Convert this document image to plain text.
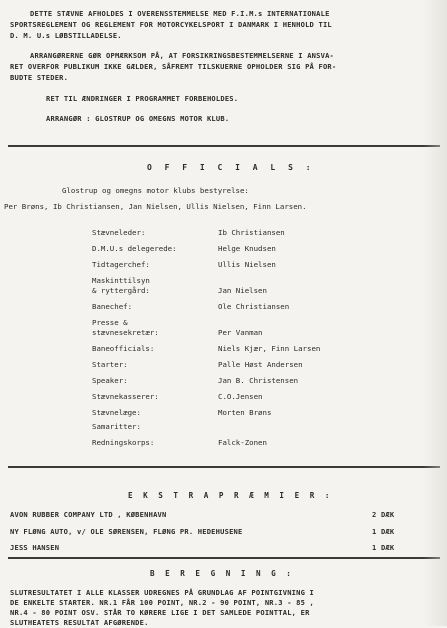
DETTE STÆVNE AFHOLDES I OVERENSSTEMMELSE MED F.I.M.s INTERNATIONALE
SPORTSREGLEMENT OG REGLEMENT FOR MOTORCYKELSPORT I DANMARK I HENHOLD TIL
D. M. U.s LØBSTILLADELSE.
ARRANGØRERNE GØR OPMÆRKSOM PÅ, AT FORSIKRINGSBESTEMMELSERNE I ANSVA-
RET OVERFOR PUBLIKUM IKKE GÆLDER, SÅFREMT TILSKUERNE OPHOLDER SIG PÅ FOR-
BUDTE STEDER.
RET TIL ÆNDRINGER I PROGRAMMET FORBEHOLDES.
ARRANGØR : GLOSTRUP OG OMEGNS MOTOR KLUB.
O F F I C I A L S :
Glostrup og omegns motor klubs bestyrelse:
Per Brøns, Ib Christiansen, Jan Nielsen, Ullis Nielsen, Finn Larsen.
Stævneleder:	Ib Christiansen
D.M.U.s delegerede:	Helge Knudsen
Tidtagerchef:	Ullis Nielsen
Maskinttilsyn
& ryttergård:	Jan Nielsen
Banechef:	Ole Christiansen
Presse &
stævnesekretær:	Per Vanman
Baneofficials:	Niels Kjær, Finn Larsen
Starter:	Palle Høst Andersen
Speaker:	Jan B. Christensen
Stævnekasserer:	C.O.Jensen
Stævnelæge:	Morten Brøns
Samaritter:
Redningskorps:	Falck-Zonen
E K S T R A P R Æ M I E R :
AVON RUBBER COMPANY LTD , KØBENHAVN	2 DÆK
NY FLØNG AUTO, v/ OLE SØRENSEN, FLØNG PR. HEDEHUSENE	1 DÆK
JESS HANSEN	1 DÆK
B E R E G N I N G :
SLUTRESULTATET I ALLE KLASSER UDREGNES PÅ GRUNDLAG AF POINTGIVNING I
DE ENKELTE STARTER. NR.1 FÅR 100 POINT, NR.2 - 90 POINT, NR.3 - 85 ,
NR.4 - 80 POINT OSV. STÅR TO KØRERE LIGE I DET SAMLEDE POINTTAL, ER
SLUTHEATETS RESULTAT AFGØRENDE.
